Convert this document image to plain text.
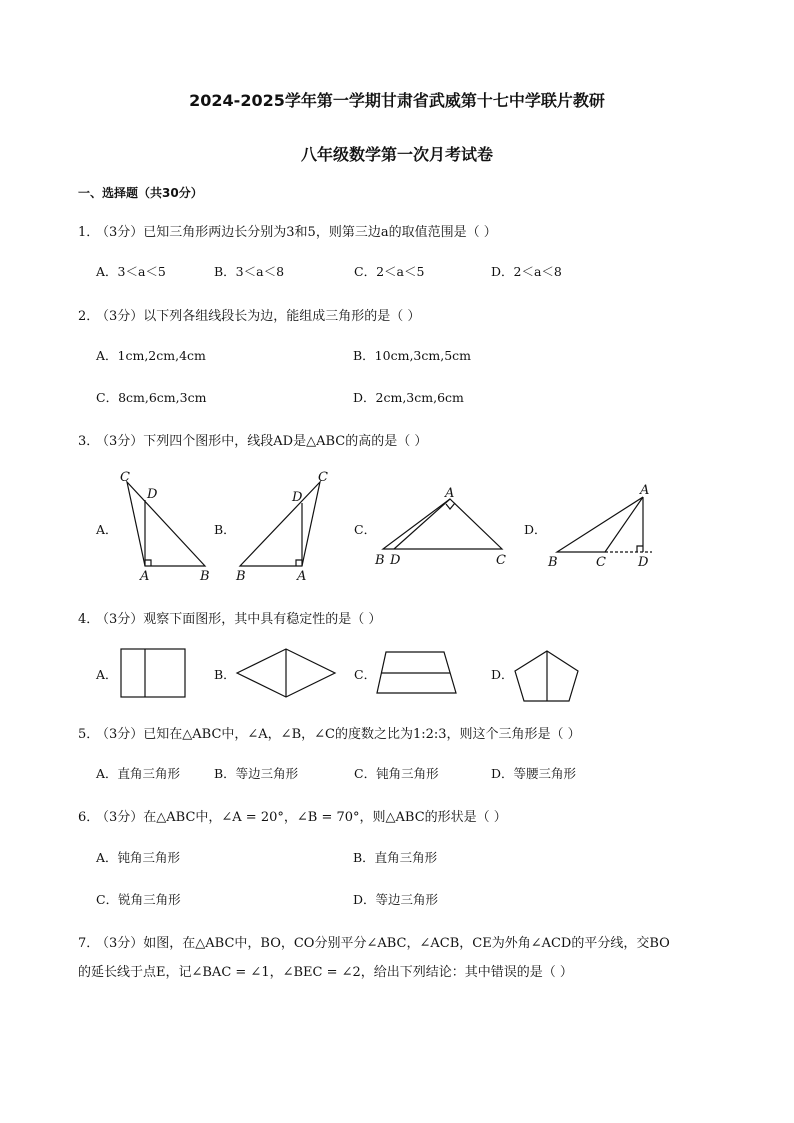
2024-2025学年第一学期甘肃省武威第十七中学联片教研
八年级数学第一次月考试卷
一、选择题（共30分）
1．
（3分）已知三角形两边长分别为3和5，则第三边a的取值范围是（ ）
A．3＜a＜5	B．3＜a＜8	C．2＜a＜5	D．2＜a＜8
2．
（3分）以下列各组线段长为边，能组成三角形的是（ ）
A．1cm,2cm,4cm	B．10cm,3cm,5cm
C．8cm,6cm,3cm	D．2cm,3cm,6cm
3．
（3分）下列四个图形中，线段AD是△ABC的高的是（ ）
A．	B．	C．	D．
C
D
A	B
D
C
B	A
A
B D	C
A
B	C D
4．
（3分）观察下面图形，其中具有稳定性的是（ ）
A．	B．	C．	D．
5．
（3分）已知在△ABC中，∠A，∠B，∠C的度数之比为1:2:3，则这个三角形是（ ）
A．直角三角形	B．等边三角形	C．钝角三角形	D．等腰三角形
6．
（3分）在△ABC中，∠A = 20°，∠B = 70°，则△ABC的形状是（ ）
A．钝角三角形	B．直角三角形
C．锐角三角形	D．等边三角形
7．
（3分）如图，在△ABC中，BO，CO分别平分∠ABC，∠ACB，CE为外角∠ACD的平分线，交BO
的延长线于点E，记∠BAC = ∠1，∠BEC = ∠2，给出下列结论：其中错误的是（ ）
